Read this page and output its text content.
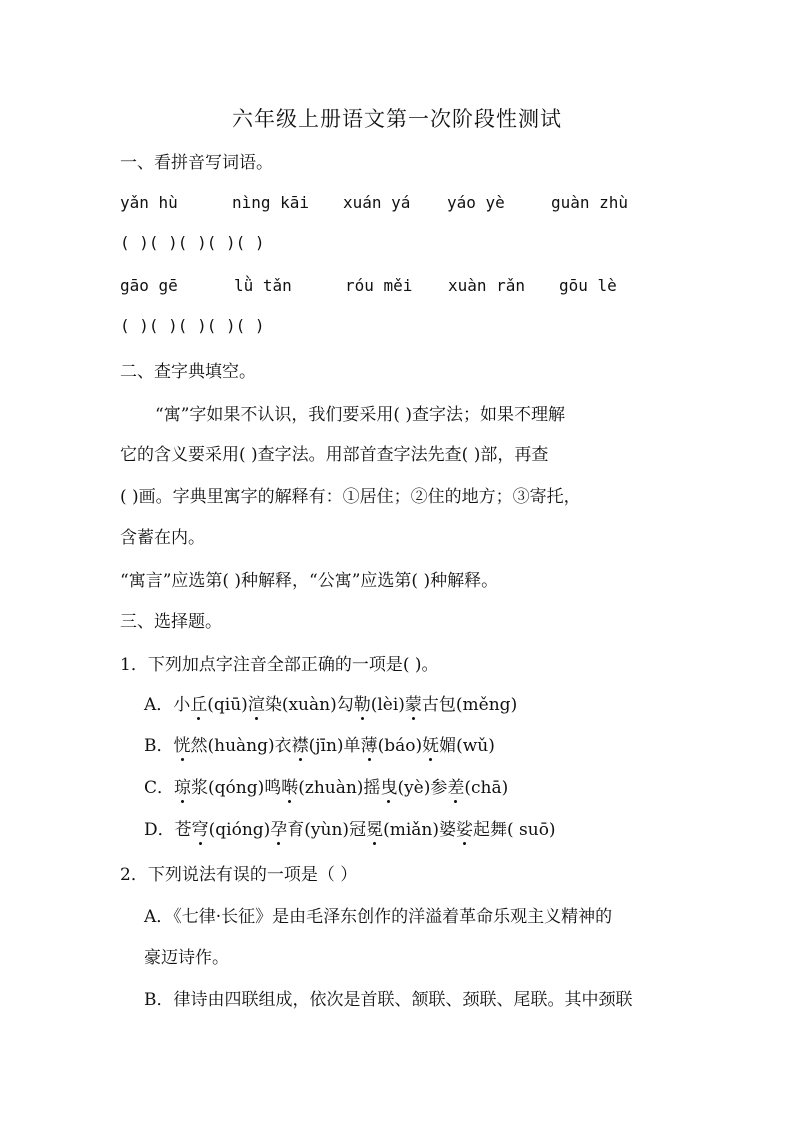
六年级上册语文第一次阶段性测试
一、看拼音写词语。
yǎn hù	nìng kāi xuán yá yáo yè	guàn zhù
( )( )( )( )( )
gāo gē	lǜ tǎn	róu měi xuàn rǎn gōu lè
( )( )( )( )( )
二、查字典填空。
“寓”字如果不认识，我们要采用( )查字法；如果不理解
它的含义要采用( )查字法。用部首查字法先查( )部，再查
( )画。字典里寓字的解释有：①居住；②住的地方；③寄托，
含蓄在内。
“寓言”应选第( )种解释，“公寓”应选第( )种解释。
三、选择题。
1．下列加点字注音全部正确的一项是( )。
A．小丘(qiū)渲染(xuàn)勾勒(lèi)蒙古包(měng)
B．恍然(huàng)衣襟(jīn)单薄(báo)妩媚(wǔ)
C．琼浆(qóng)鸣啭(zhuàn)摇曳(yè)参差(chā)
D．苍穹(qióng)孕育(yùn)冠冕(miǎn)婆娑起舞( suō)
2．下列说法有误的一项是（ ）
A．《七律·长征》是由毛泽东创作的洋溢着革命乐观主义精神的
豪迈诗作。
B．律诗由四联组成，依次是首联、颔联、颈联、尾联。其中颈联
